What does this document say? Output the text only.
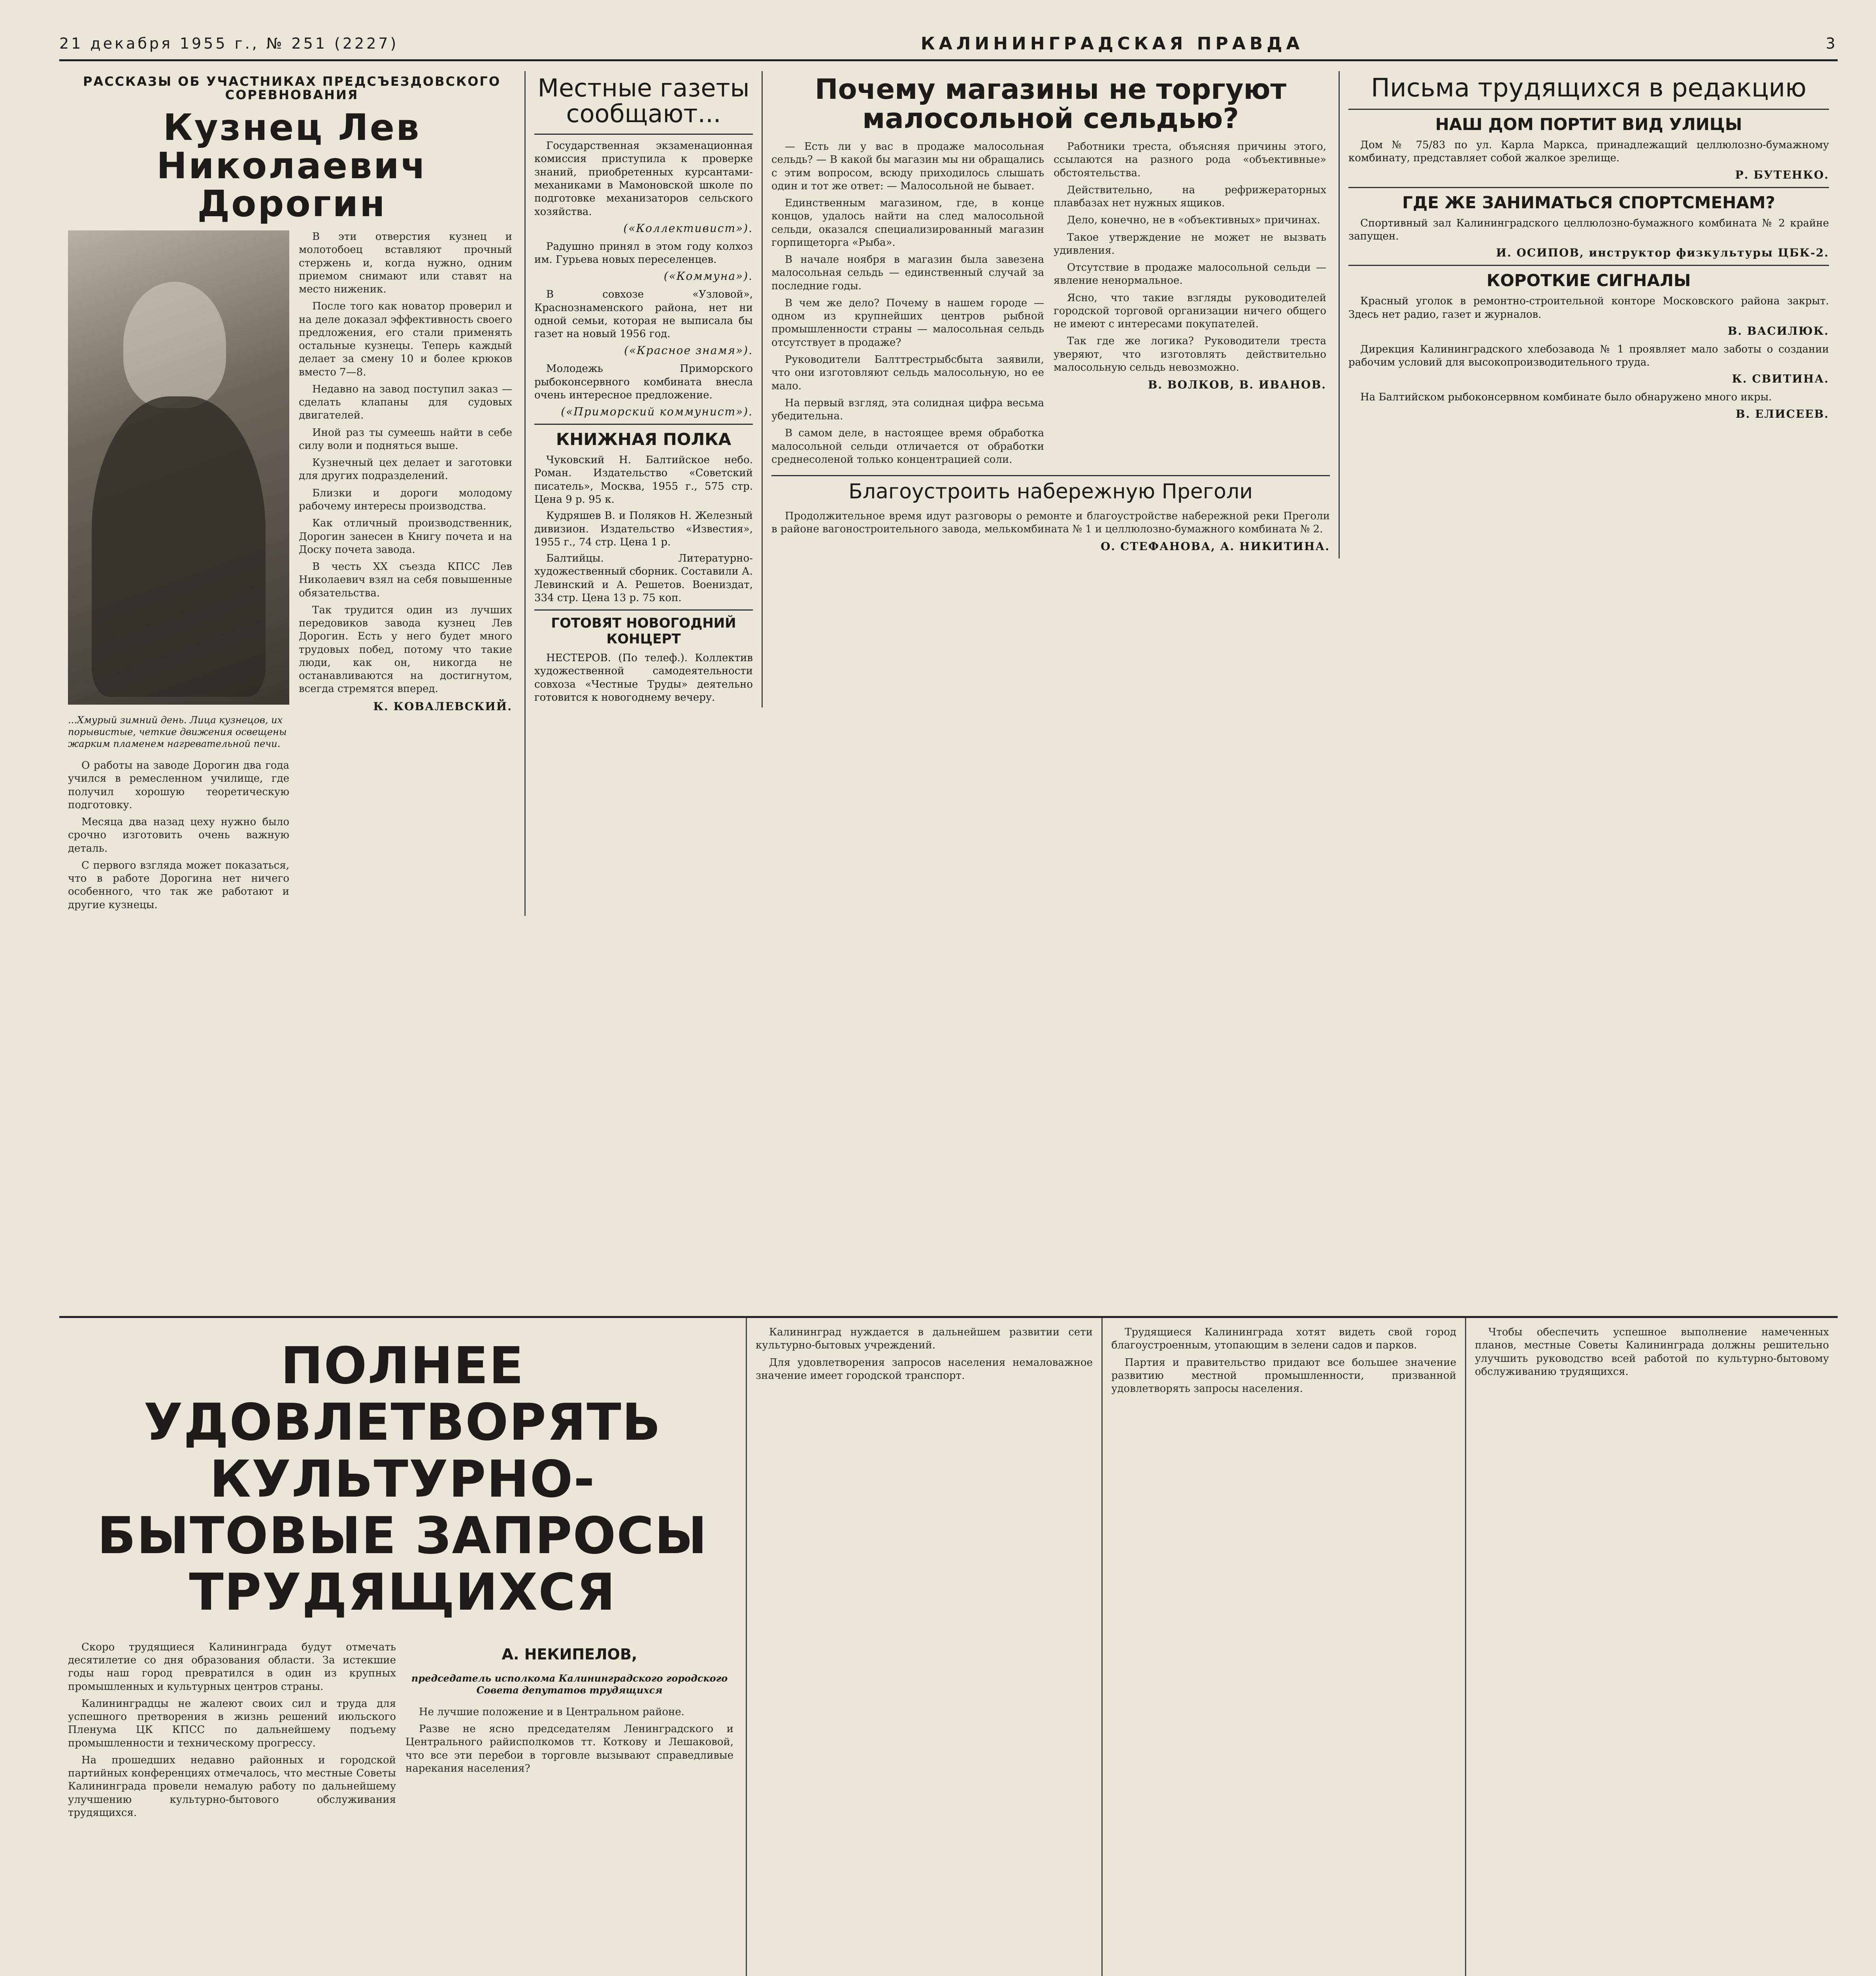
21 декабря 1955 г., № 251 (2227)	КАЛИНИНГРАДСКАЯ ПРАВДА	3
РАССКАЗЫ ОБ УЧАСТНИКАХ ПРЕДСЪЕЗДОВСКОГО СОРЕВНОВАНИЯ
Кузнец Лев Николаевич Дорогин

...Хмурый зимний день. Лица кузнецов, их порывистые, четкие движения освещены жарким пламенем нагревательной печи.

О работы на заводе Дорогин два года учился в ремесленном училище, где получил хорошую теоретическую подготовку.

Месяца два назад цеху нужно было срочно изготовить очень важную деталь.

С первого взгляда может показаться, что в работе Дорогина нет ничего особенного, что так же работают и другие кузнецы.

В эти отверстия кузнец и молотобоец вставляют прочный стержень и, когда нужно, одним приемом снимают или ставят на место ниженик.

После того как новатор проверил и на деле доказал эффективность своего предложения, его стали применять остальные кузнецы. Теперь каждый делает за смену 10 и более крюков вместо 7—8.

Недавно на завод поступил заказ — сделать клапаны для судовых двигателей.

Иной раз ты сумеешь найти в себе силу воли и подняться выше.

Кузнечный цех делает и заготовки для других подразделений.

Близки и дороги молодому рабочему интересы производства.

Как отличный производственник, Дорогин занесен в Книгу почета и на Доску почета завода.

В честь XX съезда КПСС Лев Николаевич взял на себя повышенные обязательства.

Так трудится один из лучших передовиков завода кузнец Лев Дорогин. Есть у него будет много трудовых побед, потому что такие люди, как он, никогда не останавливаются на достигнутом, всегда стремятся вперед.

К. КОВАЛЕВСКИЙ.
Местные газеты сообщают...

Государственная экзаменационная комиссия приступила к проверке знаний, приобретенных курсантами-механиками в Мамоновской школе по подготовке механизаторов сельского хозяйства.

(«Коллективист»).

Радушно принял в этом году колхоз им. Гурьева новых переселенцев.

(«Коммуна»).

В совхозе «Узловой», Краснознаменского района, нет ни одной семьи, которая не выписала бы газет на новый 1956 год.

(«Красное знамя»).

Молодежь Приморского рыбоконсервного комбината внесла очень интересное предложение.

(«Приморский коммунист»).
КНИЖНАЯ ПОЛКА

Чуковский Н. Балтийское небо. Роман. Издательство «Советский писатель», Москва, 1955 г., 575 стр. Цена 9 р. 95 к.

Кудряшев В. и Поляков Н. Железный дивизион. Издательство «Известия», 1955 г., 74 стр. Цена 1 р.

Балтийцы. Литературно-художественный сборник. Составили А. Левинский и А. Решетов. Воениздат, 334 стр. Цена 13 р. 75 коп.

ГОТОВЯТ НОВОГОДНИЙ КОНЦЕРТ

НЕСТЕРОВ. (По телеф.). Коллектив художественной самодеятельности совхоза «Честные Труды» деятельно готовится к новогоднему вечеру.

Почему магазины не торгуют малосольной сельдью?

— Есть ли у вас в продаже малосольная сельдь? — В какой бы магазин мы ни обращались с этим вопросом, всюду приходилось слышать один и тот же ответ: — Малосольной не бывает.

Единственным магазином, где, в конце концов, удалось найти на след малосольной сельди, оказался специализированный магазин горпищеторга «Рыба».

В начале ноября в магазин была завезена малосольная сельдь — единственный случай за последние годы.

В чем же дело? Почему в нашем городе — одном из крупнейших центров рыбной промышленности страны — малосольная сельдь отсутствует в продаже?

Руководители Балттрестрыбсбыта заявили, что они изготовляют сельдь малосольную, но ее мало.

На первый взгляд, эта солидная цифра весьма убедительна.

В самом деле, в настоящее время обработка малосольной сельди отличается от обработки среднесоленой только концентрацией соли.

Работники треста, объясняя причины этого, ссылаются на разного рода «объективные» обстоятельства.

Действительно, на рефрижераторных плавбазах нет нужных ящиков.

Дело, конечно, не в «объективных» причинах.

Такое утверждение не может не вызвать удивления.

Отсутствие в продаже малосольной сельди — явление ненормальное.

Ясно, что такие взгляды руководителей городской торговой организации ничего общего не имеют с интересами покупателей.

Так где же логика? Руководители треста уверяют, что изготовлять действительно малосольную сельдь невозможно.

В. ВОЛКОВ, В. ИВАНОВ.
Благоустроить набережную Преголи

Продолжительное время идут разговоры о ремонте и благоустройстве набережной реки Преголи в районе вагоностроительного завода, мелькомбината № 1 и целлюлозно-бумажного комбината № 2.

О. СТЕФАНОВА, А. НИКИТИНА.
Письма трудящихся в редакцию
НАШ ДОМ ПОРТИТ ВИД УЛИЦЫ

Дом № 75/83 по ул. Карла Маркса, принадлежащий целлюлозно-бумажному комбинату, представляет собой жалкое зрелище.

Р. БУТЕНКО.
ГДЕ ЖЕ ЗАНИМАТЬСЯ СПОРТСМЕНАМ?

Спортивный зал Калининградского целлюлозно-бумажного комбината № 2 крайне запущен.

И. ОСИПОВ, инструктор физкультуры ЦБК-2.
КОРОТКИЕ СИГНАЛЫ

Красный уголок в ремонтно-строительной конторе Московского района закрыт. Здесь нет радио, газет и журналов.

В. ВАСИЛЮК.

Дирекция Калининградского хлебозавода № 1 проявляет мало заботы о создании рабочим условий для высокопроизводительного труда.

К. СВИТИНА.

На Балтийском рыбоконсервном комбинате было обнаружено много икры.

В. ЕЛИСЕЕВ.
ПОЛНЕЕ УДОВЛЕТВОРЯТЬ КУЛЬТУРНО-БЫТОВЫЕ ЗАПРОСЫ ТРУДЯЩИХСЯ

Скоро трудящиеся Калининграда будут отмечать десятилетие со дня образования области. За истекшие годы наш город превратился в один из крупных промышленных и культурных центров страны.

Калининградцы не жалеют своих сил и труда для успешного претворения в жизнь решений июльского Пленума ЦК КПСС по дальнейшему подъему промышленности и техническому прогрессу.

На прошедших недавно районных и городской партийных конференциях отмечалось, что местные Советы Калининграда провели немалую работу по дальнейшему улучшению культурно-бытового обслуживания трудящихся.

А. НЕКИПЕЛОВ,

председатель исполкома Калининградского городского Совета депутатов трудящихся

Не лучшие положение и в Центральном районе.

Разве не ясно председателям Ленинградского и Центрального райисполкомов тт. Коткову и Лешаковой, что все эти перебои в торговле вызывают справедливые нарекания населения?

Калининград нуждается в дальнейшем развитии сети культурно-бытовых учреждений.

Для удовлетворения запросов населения немаловажное значение имеет городской транспорт.

Трудящиеся Калининграда хотят видеть свой город благоустроенным, утопающим в зелени садов и парков.

Партия и правительство придают все большее значение развитию местной промышленности, призванной удовлетворять запросы населения.

Чтобы обеспечить успешное выполнение намеченных планов, местные Советы Калининграда должны решительно улучшить руководство всей работой по культурно-бытовому обслуживанию трудящихся.
